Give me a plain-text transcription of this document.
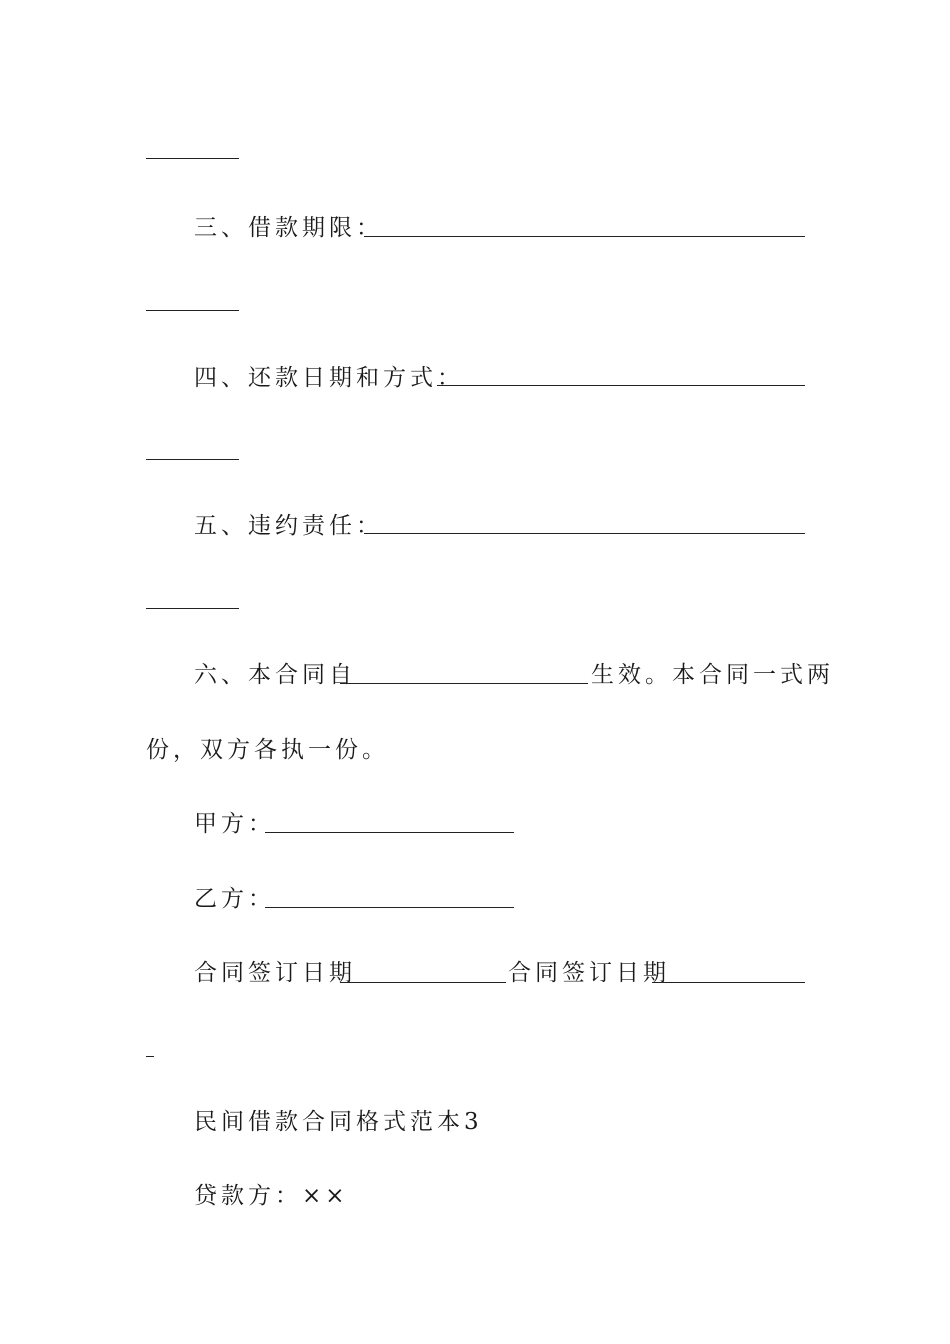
三、借款期限：
四、还款日期和方式：
五、违约责任：
六、本合同自	生效。本合同一式两
份，双方各执一份。
甲方：
乙方：
合同签订日期	合同签订日期
民间借款合同格式范本3
贷款方：××
